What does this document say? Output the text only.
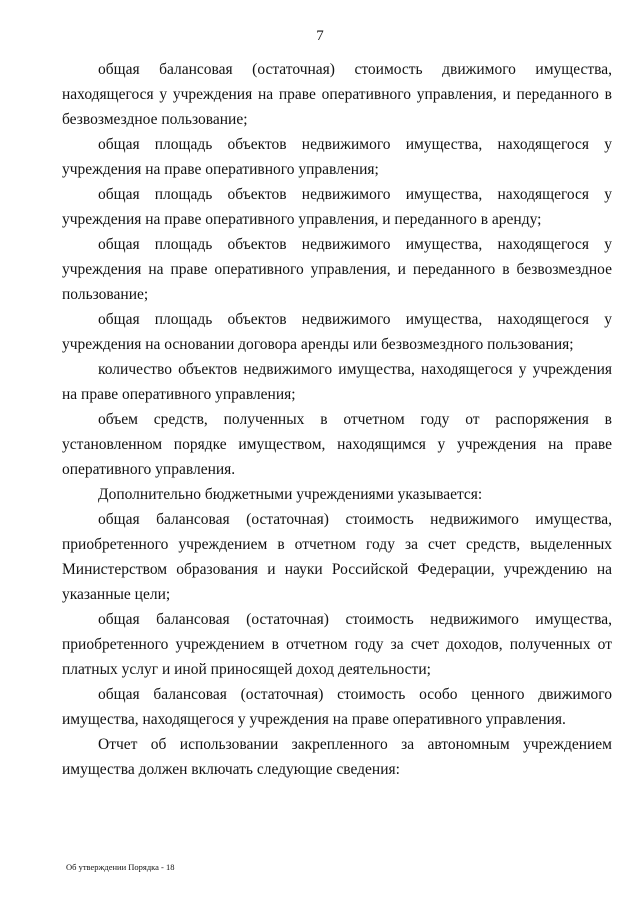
7

общая балансовая (остаточная) стоимость движимого имущества, находящегося у учреждения на праве оперативного управления, и переданного в безвозмездное пользование;

общая площадь объектов недвижимого имущества, находящегося у учреждения на праве оперативного управления;

общая площадь объектов недвижимого имущества, находящегося у учреждения на праве оперативного управления, и переданного в аренду;

общая площадь объектов недвижимого имущества, находящегося у учреждения на праве оперативного управления, и переданного в безвозмездное пользование;

общая площадь объектов недвижимого имущества, находящегося у учреждения на основании договора аренды или безвозмездного пользования;

количество объектов недвижимого имущества, находящегося у учреждения на праве оперативного управления;

объем средств, полученных в отчетном году от распоряжения в установленном порядке имуществом, находящимся у учреждения на праве оперативного управления.

Дополнительно бюджетными учреждениями указывается:

общая балансовая (остаточная) стоимость недвижимого имущества, приобретенного учреждением в отчетном году за счет средств, выделенных Министерством образования и науки Российской Федерации, учреждению на указанные цели;

общая балансовая (остаточная) стоимость недвижимого имущества, приобретенного учреждением в отчетном году за счет доходов, полученных от платных услуг и иной приносящей доход деятельности;

общая балансовая (остаточная) стоимость особо ценного движимого имущества, находящегося у учреждения на праве оперативного управления.

Отчет об использовании закрепленного за автономным учреждением имущества должен включать следующие сведения:

Об утверждении Порядка - 18
